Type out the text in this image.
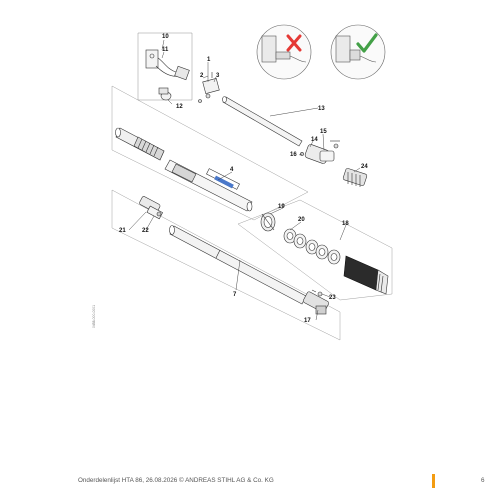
10
11
1
2 3
12	13
15
14
16
24
4
19
20
18
21	22
7	23
17
0458-000-0001
Onderdelenlijst HTA 86, 26.08.2026 © ANDREAS STIHL AG & Co. KG	6
